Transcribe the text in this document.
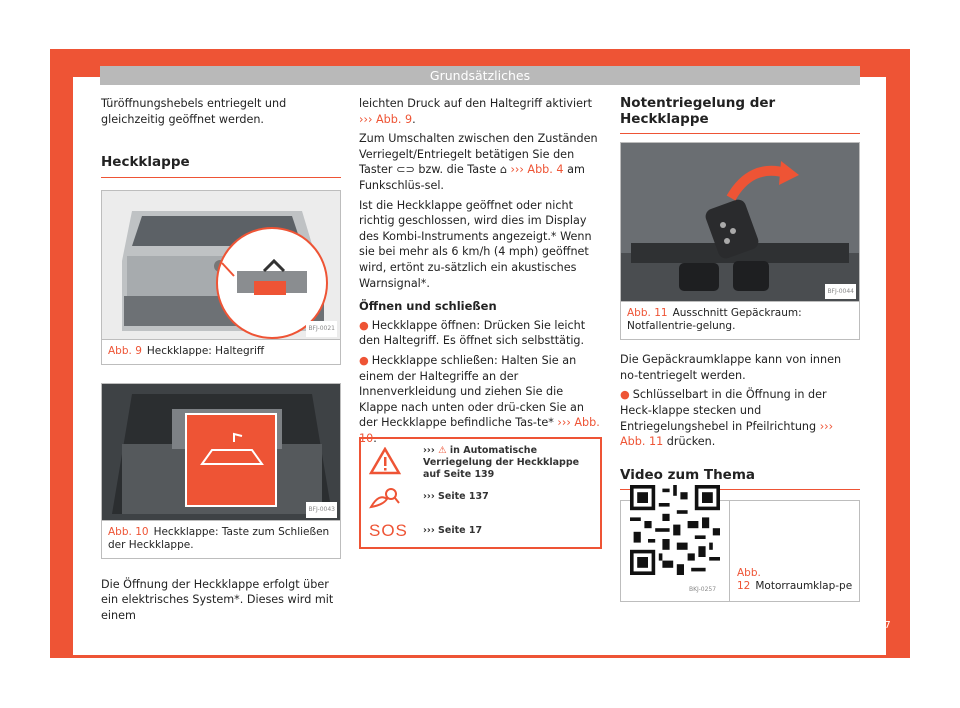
Grundsätzliches
Türöffnungshebels entriegelt und gleichzeitig geöffnet werden.
Heckklappe
BFJ-0021
Abb. 9 Heckklappe: Haltegriff
BFJ-0043
Abb. 10 Heckklappe: Taste zum Schließen der Heckklappe.
Die Öffnung der Heckklappe erfolgt über ein elektrisches System*. Dieses wird mit einem
leichten Druck auf den Haltegriff aktiviert ››› Abb. 9.
Zum Umschalten zwischen den Zuständen Verriegelt/Entriegelt betätigen Sie den Taster ⊂⊃ bzw. die Taste ⌂ ››› Abb. 4 am Funkschlüs-sel.
Ist die Heckklappe geöffnet oder nicht richtig geschlossen, wird dies im Display des Kombi-Instruments angezeigt.* Wenn sie bei mehr als 6 km/h (4 mph) geöffnet wird, ertönt zu-sätzlich ein akustisches Warnsignal*.
Öffnen und schließen
● Heckklappe öffnen: Drücken Sie leicht den Haltegriff. Es öffnet sich selbsttätig.
● Heckklappe schließen: Halten Sie an einem der Haltegriffe an der Innenverkleidung und ziehen Sie die Klappe nach unten oder drü-cken Sie an der Heckklappe befindliche Tas-te* ››› Abb. 10.
››› ⚠ in Automatische Verriegelung der Heckklappe auf Seite 139
››› Seite 137
SOS ››› Seite 17
Notentriegelung der Heckklappe
BFJ-0044
Abb. 11 Ausschnitt Gepäckraum: Notfallentrie-gelung.
Die Gepäckraumklappe kann von innen no-tentriegelt werden.
● Schlüsselbart in die Öffnung in der Heck-klappe stecken und Entriegelungshebel in Pfeilrichtung ››› Abb. 11 drücken.
Video zum Thema
Abb. 12 Motorraumklap-pe
BKJ-0257
17
